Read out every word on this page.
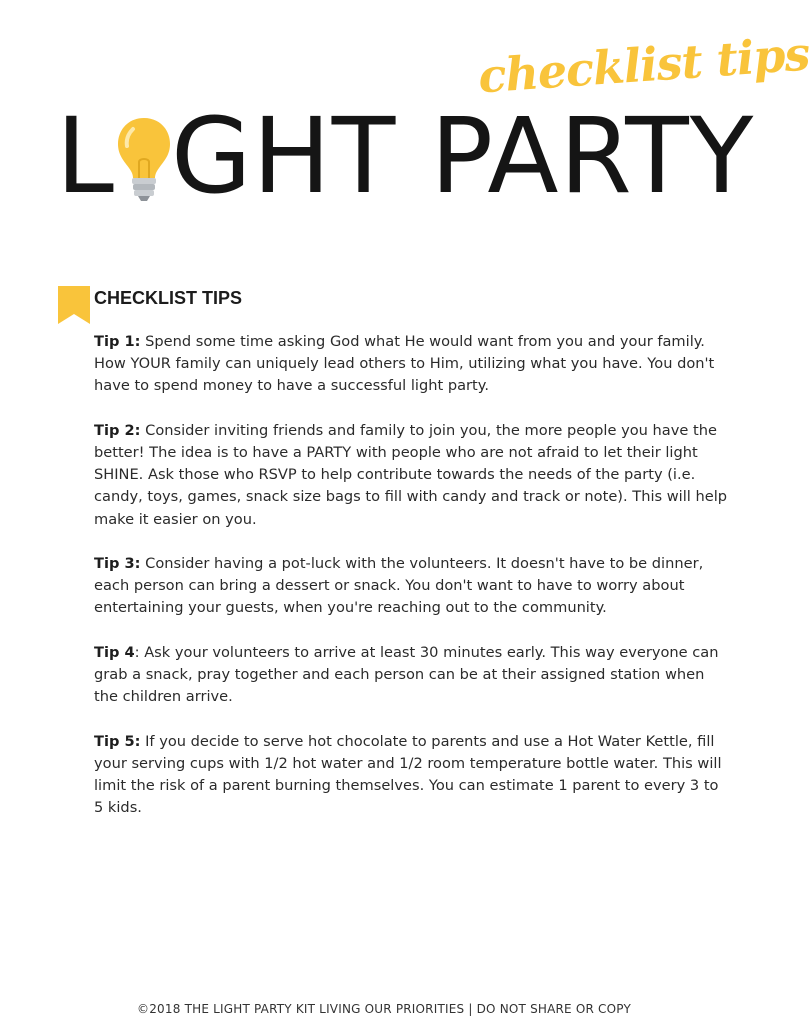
checklist tips
L GHT PARTY
CHECKLIST TIPS

Tip 1: Spend some time asking God what He would want from you and your family. How YOUR family can uniquely lead others to Him, utilizing what you have. You don't have to spend money to have a successful light party.

Tip 2: Consider inviting friends and family to join you, the more people you have the better! The idea is to have a PARTY with people who are not afraid to let their light SHINE. Ask those who RSVP to help contribute towards the needs of the party (i.e. candy, toys, games, snack size bags to fill with candy and track or note). This will help make it easier on you.

Tip 3: Consider having a pot-luck with the volunteers. It doesn't have to be dinner, each person can bring a dessert or snack. You don't want to have to worry about entertaining your guests, when you're reaching out to the community.

Tip 4: Ask your volunteers to arrive at least 30 minutes early. This way everyone can grab a snack, pray together and each person can be at their assigned station when the children arrive.

Tip 5: If you decide to serve hot chocolate to parents and use a Hot Water Kettle, fill your serving cups with 1/2 hot water and 1/2 room temperature bottle water. This will limit the risk of a parent burning themselves. You can estimate 1 parent to every 3 to 5 kids.

©2018 THE LIGHT PARTY KIT LIVING OUR PRIORITIES | DO NOT SHARE OR COPY
